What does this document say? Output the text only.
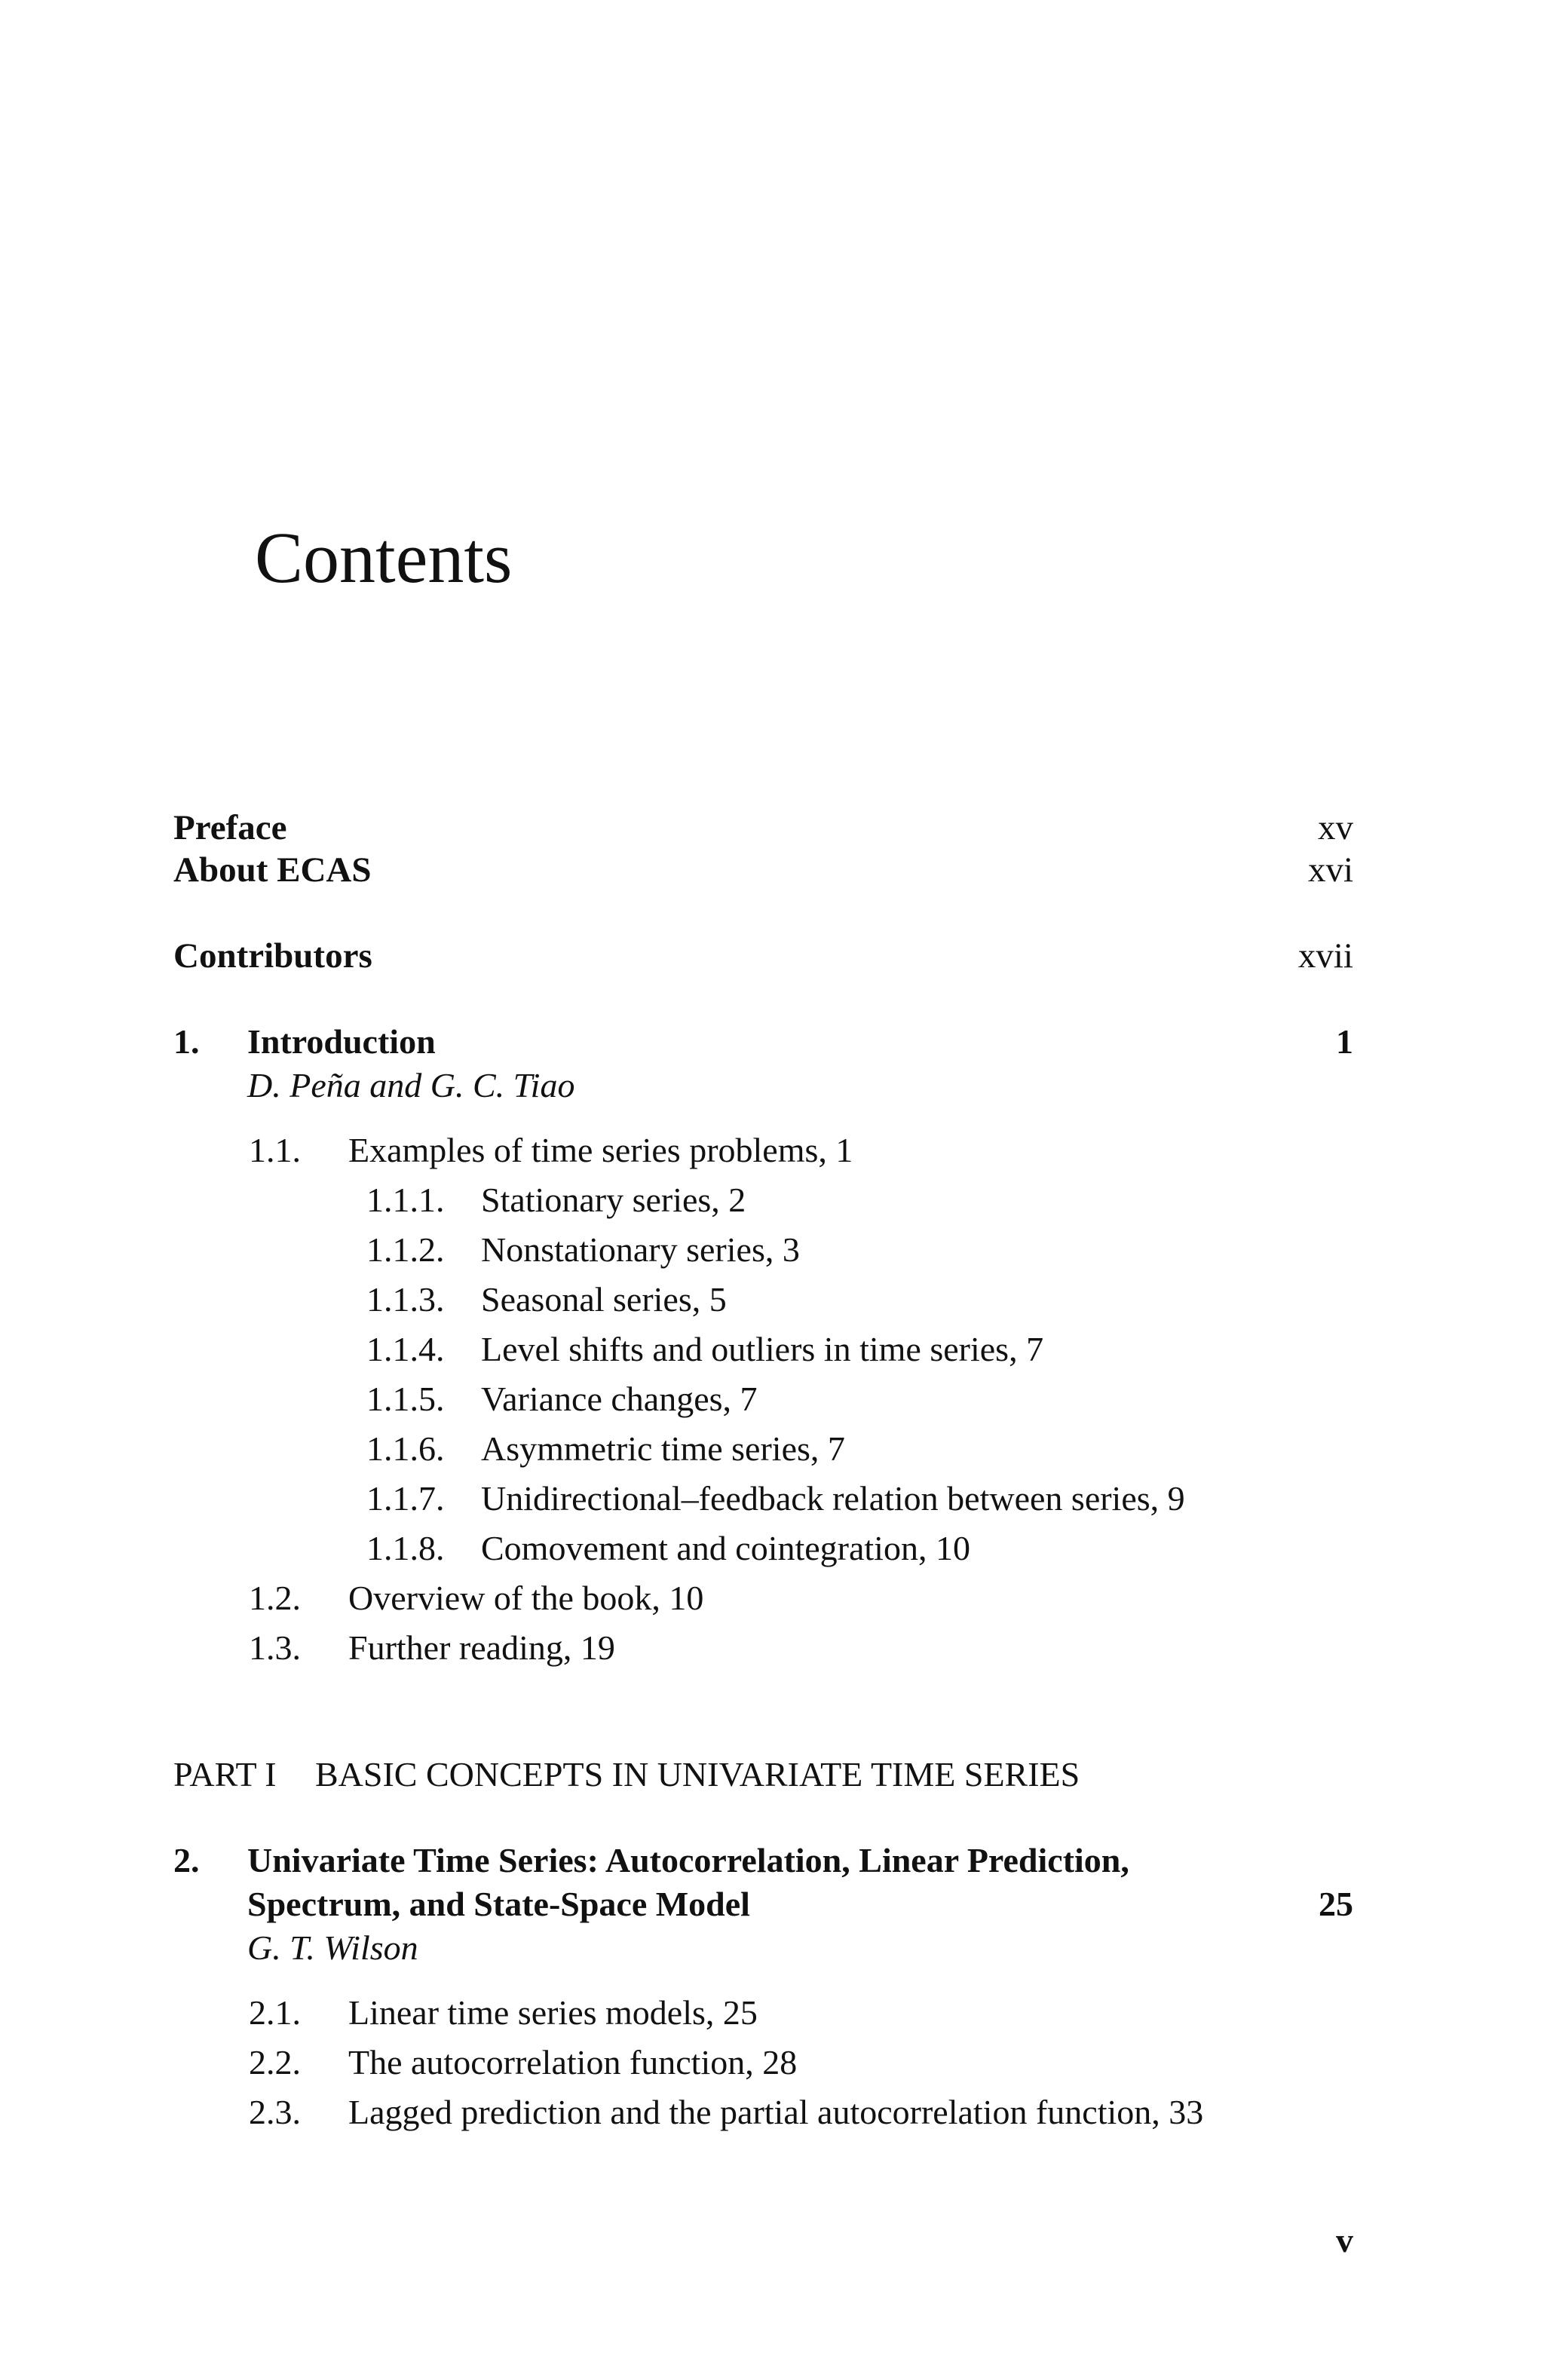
Contents
Preface	xv
About ECAS	xvi
Contributors	xvii
1. Introduction	1
D. Peña and G. C. Tiao
1.1. Examples of time series problems, 1
1.1.1. Stationary series, 2
1.1.2. Nonstationary series, 3
1.1.3. Seasonal series, 5
1.1.4. Level shifts and outliers in time series, 7
1.1.5. Variance changes, 7
1.1.6. Asymmetric time series, 7
1.1.7. Unidirectional–feedback relation between series, 9
1.1.8. Comovement and cointegration, 10
1.2. Overview of the book, 10
1.3. Further reading, 19
PART I BASIC CONCEPTS IN UNIVARIATE TIME SERIES
2. Univariate Time Series: Autocorrelation, Linear Prediction,
Spectrum, and State-Space Model	25
G. T. Wilson
2.1. Linear time series models, 25
2.2. The autocorrelation function, 28
2.3. Lagged prediction and the partial autocorrelation function, 33
v
